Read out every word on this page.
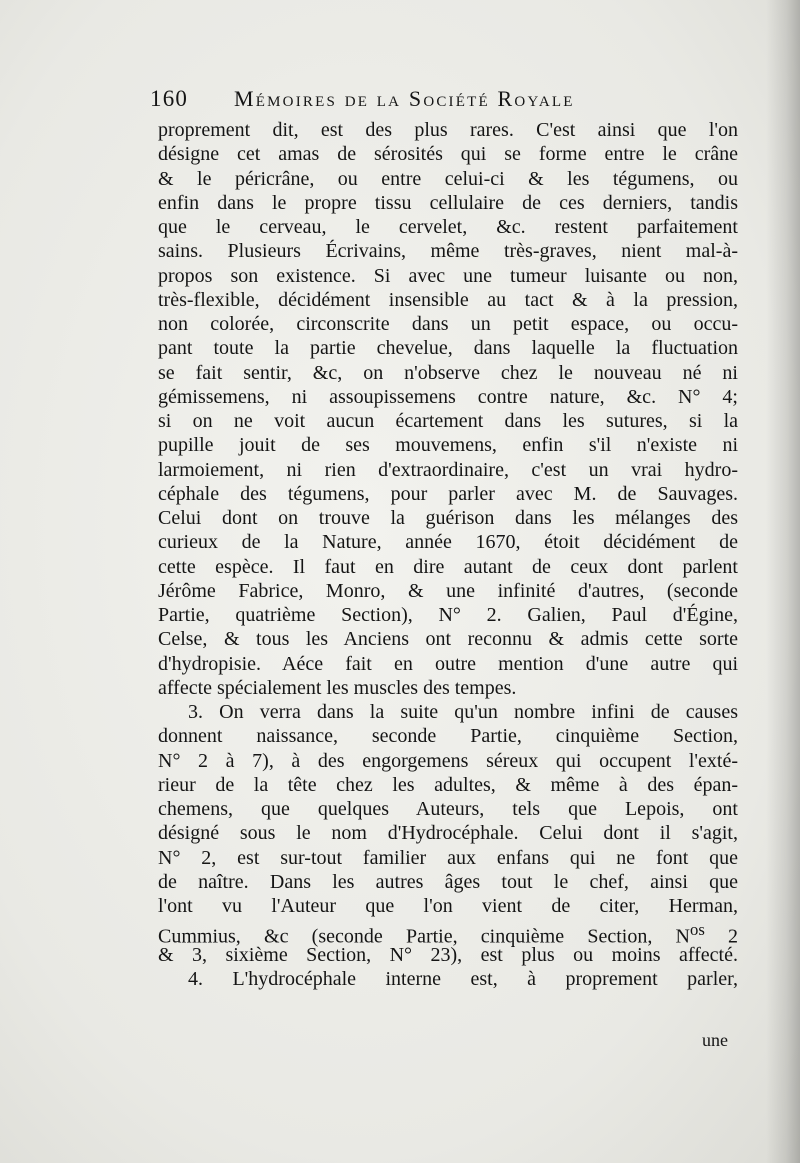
160 Mémoires de la Société Royale
proprement dit, est des plus rares. C'est ainsi que l'on
désigne cet amas de sérosités qui se forme entre le crâne
& le péricrâne, ou entre celui-ci & les tégumens, ou
enfin dans le propre tissu cellulaire de ces derniers, tandis
que le cerveau, le cervelet, &c. restent parfaitement
sains. Plusieurs Écrivains, même très-graves, nient mal-à-
propos son existence. Si avec une tumeur luisante ou non,
très-flexible, décidément insensible au tact & à la pression,
non colorée, circonscrite dans un petit espace, ou occu-
pant toute la partie chevelue, dans laquelle la fluctuation
se fait sentir, &c, on n'observe chez le nouveau né ni
gémissemens, ni assoupissemens contre nature, &c. N° 4;
si on ne voit aucun écartement dans les sutures, si la
pupille jouit de ses mouvemens, enfin s'il n'existe ni
larmoiement, ni rien d'extraordinaire, c'est un vrai hydro-
céphale des tégumens, pour parler avec M. de Sauvages.
Celui dont on trouve la guérison dans les mélanges des
curieux de la Nature, année 1670, étoit décidément de
cette espèce. Il faut en dire autant de ceux dont parlent
Jérôme Fabrice, Monro, & une infinité d'autres, (seconde
Partie, quatrième Section), N° 2. Galien, Paul d'Égine,
Celse, & tous les Anciens ont reconnu & admis cette sorte
d'hydropisie. Aéce fait en outre mention d'une autre qui
affecte spécialement les muscles des tempes.
3. On verra dans la suite qu'un nombre infini de causes
donnent naissance, seconde Partie, cinquième Section,
N° 2 à 7), à des engorgemens séreux qui occupent l'exté-
rieur de la tête chez les adultes, & même à des épan-
chemens, que quelques Auteurs, tels que Lepois, ont
désigné sous le nom d'Hydrocéphale. Celui dont il s'agit,
N° 2, est sur-tout familier aux enfans qui ne font que
de naître. Dans les autres âges tout le chef, ainsi que
l'ont vu l'Auteur que l'on vient de citer, Herman,
Cummius, &c (seconde Partie, cinquième Section, $N^{os}$ 2
& 3, sixième Section, N° 23), est plus ou moins affecté.
4. L'hydrocéphale interne est, à proprement parler,
une
